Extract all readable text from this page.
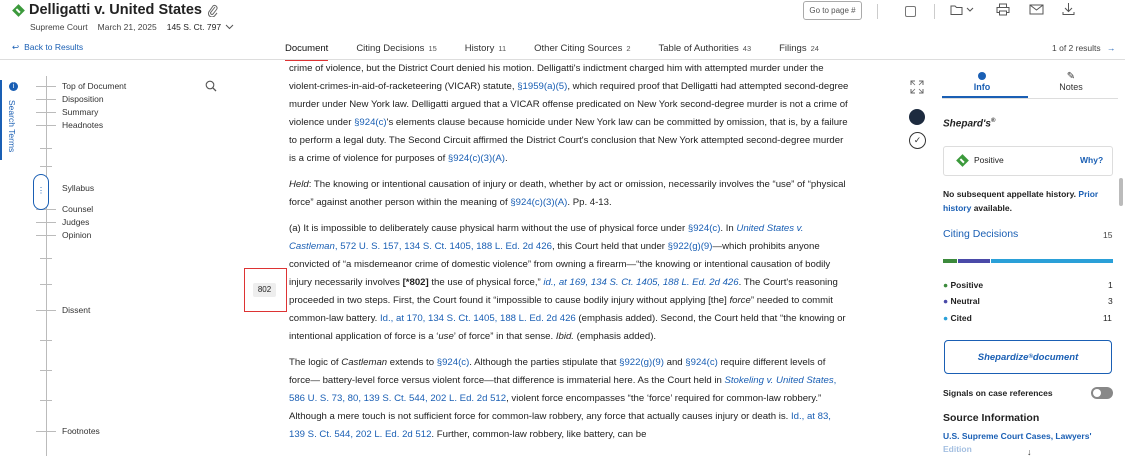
Delligatti v. United States
Supreme Court March 21, 2025 145 S. Ct. 797
Go to page #
↩ Back to Results	Document	Citing Decisions 15	History 11	Other Citing Sources 2	Table of Authorities 43	Filings 24	1 of 2 results →
i
Search Terms
Top of Document
Disposition
Summary
Headnotes
Syllabus
Counsel
Judges
Opinion
Dissent
Footnotes
⋮
802

crime of violence, but the District Court denied his motion. Delligatti's indictment charged him with attempted murder under the violent-crimes-in-aid-of-racketeering (VICAR) statute, §1959(a)(5), which required proof that Delligatti had attempted second-degree murder under New York law. Delligatti argued that a VICAR offense predicated on New York second-degree murder is not a crime of violence under §924(c)'s elements clause because homicide under New York law can be committed by omission, that is, by a failure to perform a legal duty. The Second Circuit affirmed the District Court's conclusion that New York attempted second-degree murder is a crime of violence for purposes of §924(c)(3)(A).

Held: The knowing or intentional causation of injury or death, whether by act or omission, necessarily involves the “use” of “physical force” against another person within the meaning of §924(c)(3)(A). Pp. 4-13.

(a) It is impossible to deliberately cause physical harm without the use of physical force under §924(c). In United States v. Castleman, 572 U. S. 157, 134 S. Ct. 1405, 188 L. Ed. 2d 426, this Court held that under §922(g)(9)—which prohibits anyone convicted of “a misdemeanor crime of domestic violence” from owning a firearm—“the knowing or intentional causation of bodily injury necessarily involves [*802] the use of physical force,” id., at 169, 134 S. Ct. 1405, 188 L. Ed. 2d 426. The Court's reasoning proceeded in two steps. First, the Court found it “impossible to cause bodily injury without applying [the] force” needed to commit common-law battery. Id., at 170, 134 S. Ct. 1405, 188 L. Ed. 2d 426 (emphasis added). Second, the Court held that “the knowing or intentional application of force is a ‘use’ of force” in that sense. Ibid. (emphasis added).

The logic of Castleman extends to §924(c). Although the parties stipulate that §922(g)(9) and §924(c) require different levels of force— battery-level force versus violent force—that difference is immaterial here. As the Court held in Stokeling v. United States, 586 U. S. 73, 80, 139 S. Ct. 544, 202 L. Ed. 2d 512, violent force encompasses “the ‘force’ required for common-law robbery.” Although a mere touch is not sufficient force for common-law robbery, any force that actually causes injury or death is. Id., at 83, 139 S. Ct. 544, 202 L. Ed. 2d 512. Further, common-law robbery, like battery, can be

✓
Info
✎
Notes
Shepard's®
Positive	Why?
No subsequent appellate history. Prior history available.
Citing Decisions	15
● Positive	1
● Neutral	3
● Cited	11
Shepardize ® document
Signals on case references
Source Information
U.S. Supreme Court Cases, Lawyers'
Edition	↓
